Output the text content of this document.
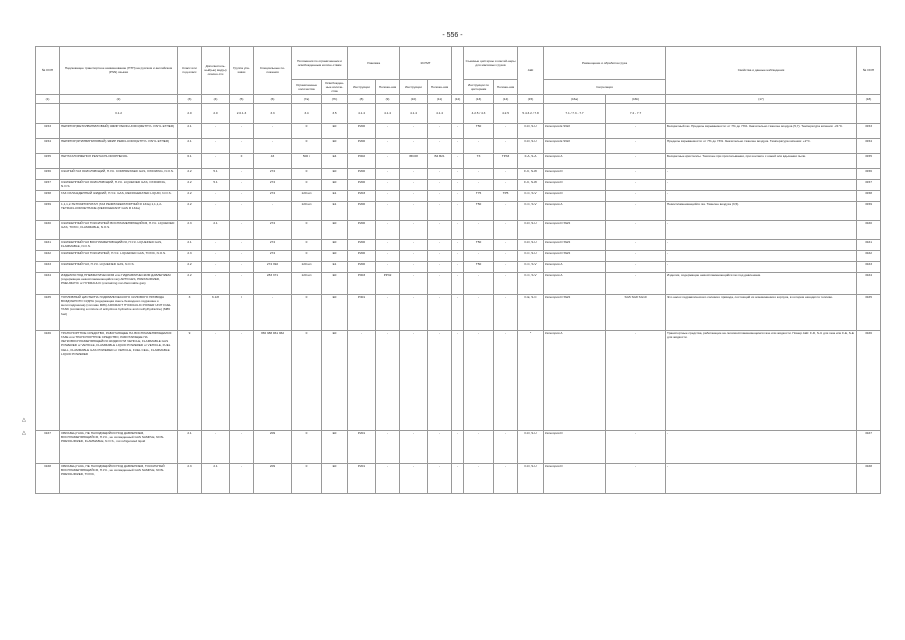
- 556 -
№ ООН	Надлежащее транспортное наименование (НТН) на русском и английском (PSN) языках	Класс или под-класс	Дополнитель-ный(ые) вид(ы) опасно-сти	Группа упа-ковки	Специальные по-ложения	Положения по ограниченным и освобожденным количе-ствам		Упаковка		КСГМГ			Съемные цистерны и контей-неры для массовых грузов		АвК	Размещение и обработка груза		Свойства и данные наблюдения	№ ООН
						Ограниченные количества	Освобожден-ные количе-ства	Инструкции	Положе-ния	Инструкции	Положе-ния		Инструкции по цистернам	Положе-ния		Сегрегация			
(1)	(2)	(3)	(4)	(5)	(6)	(7a)	(7b)	(8)	(9)	(10)	(11)	(12)	(13)	(14)	(15)	(16a)	(16b)	(17)	(18)
	3.1.2	2.0	2.0	2.0.1.3	3.3	3.4	3.5	4.1.4	4.1.4	4.1.4	4.1.4		4.2.5 / 4.3	4.2.5	5.4.3.2 / 7.8	7.1 / 7.3 - 7.7	7.2 - 7.7		
3153	ПЕРФТОР(МЕТИЛВИНИЛОВЫЙ) ЭФИР PERFLUORO(METHYL VINYL ETHER)	2.1	-	-	-	0	E0	P200	-	-	-	-	T50	-	F-D, S-U	Категория E SW2	-	Бесцветный газ. Пределы взрываемости: от 7% до 73%. Значительно тяжелее воздуха (5,7). Температура кипения: -21°C.	3153
3154	ПЕРФТОР(ЭТИЛВИНИЛОВЫЙ) ЭФИР PERFLUORO(ETHYL VINYL ETHER)	2.1	-	-	-	0	E0	P200	-	-	-	-	-	-	F-D, S-U	Категория E SW2	-	Пределы взрываемости: от 7% до 73%. Значительно тяжелее воздуха. Температура кипения: +2°C.	3154
3155	ПЕНТАХЛОРФЕНОЛ PENTACHLOROPHENOL	6.1	-	II	43	500 г	E4	P002	-	IBC08	B4 B21	-	T3	TP33	F-A, S-A	Категория A	-	Бесцветные кристаллы. Токсичен при проглатывании, при контакте с кожей или вдыхании пыли.	3155
3156	СЖАТЫЙ ГАЗ ОКИСЛЯЮЩИЙ, Н.У.К. COMPRESSED GAS, OXIDIZING, N.O.S.	2.2	5.1	-	274	0	E0	P200	-	-	-	-	-	-	F-C, S-W	Категория D	-	-	3156
3157	СЖИЖЕННЫЙ ГАЗ ОКИСЛЯЮЩИЙ, Н.У.К. LIQUEFIED GAS, OXIDIZING, N.O.S.	2.2	5.1	-	274	0	E0	P200	-	-	-	-	-	-	F-C, S-W	Категория D	-	-	3157
3158	ГАЗ ОХЛАЖДЕННЫЙ ЖИДКИЙ, Н.У.К. GAS, REFRIGERATED LIQUID, N.O.S.	2.2	-	-	274	120 мл	E1	P203	-	-	-	-	T75	TP5	F-C, S-V	Категория D	-	-	3158
3159	1,1,1,2-ТЕТРАФТОРЭТАН (ГАЗ РЕФРИЖЕРАТОРНЫЙ R 134a) 1,1,1,2-TETRAFLUOROETHANE (REFRIGERANT GAS R 134a)	2.2	-	-	-	120 мл	E1	P200	-	-	-	-	T50	-	F-C, S-V	Категория A	-	Невоспламеняющийся газ. Тяжелее воздуха (3,5).	3159
3160	СЖИЖЕННЫЙ ГАЗ ТОКСИЧНЫЙ ВОСПЛАМЕНЯЮЩИЙСЯ, Н.У.К. LIQUEFIED GAS, TOXIC, FLAMMABLE, N.O.S.	2.3	2.1	-	274	0	E0	P200	-	-	-	-	-	-	F-D, S-U	Категория D SW2	-	-	3160
3161	СЖИЖЕННЫЙ ГАЗ ВОСПЛАМЕНЯЮЩИЙСЯ, Н.У.К. LIQUEFIED GAS, FLAMMABLE, N.O.S.	2.1	-	-	274	0	E0	P200	-	-	-	-	T50	-	F-D, S-U	Категория D SW2	-	-	3161
3162	СЖИЖЕННЫЙ ГАЗ ТОКСИЧНЫЙ, Н.У.К. LIQUEFIED GAS, TOXIC, N.O.S.	2.3	-	-	274	0	E0	P200	-	-	-	-	-	-	F-C, S-U	Категория D SW2	-	-	3162
3163	СЖИЖЕННЫЙ ГАЗ, Н.У.К. LIQUEFIED GAS, N.O.S.	2.2	-	-	274 392	120 мл	E1	P200	-	-	-	-	T50	-	F-C, S-V	Категория A	-	-	3163
3164	ИЗДЕЛИЯ ПОД ПНЕВМАТИЧЕСКИМ или ГИДРАВЛИЧЕСКИМ ДАВЛЕНИЕМ (содержащие невоспламеняющийся газ) ARTICLES, PRESSURIZED, PNEUMATIC or HYDRAULIC (containing non-flammable gas)	2.2	-	-	283 371	120 мл	E0	P003	PP32	-	-	-	-	-	F-C, S-V	Категория A	-	Изделия, содержащие невоспламеняющийся газ под давлением.	3164
3165	ТОПЛИВНЫЙ ЦИСТЕРНА ГИДРАВЛИЧЕСКОГО СИЛОВОГО ПРИВОДА ВОЗДУШНОГО СУДНА (содержащая смесь безводного гидразина и метилгидразина) (топливо M86) AIRCRAFT HYDRAULIC POWER UNIT FUEL TANK (containing a mixture of anhydrous hydrazine and methylhydrazine) (M86 fuel)	3	6.1/8	I	-	0	E0	P301	-	-	-	-	-	-	F-E, S-C	Категория D SW2	SG5 SG8 SG10	Это насос гидравлического силового привода, состоящий из алюминиевого корпуса, в котором находится топливо.	3165
3166	ТРАНСПОРТНОЕ СРЕДСТВО, РАБОТАЮЩЕЕ НА ВОСПЛАМЕНЯЮЩЕМСЯ ГАЗЕ или ТРАНСПОРТНОЕ СРЕДСТВО, РАБОТАЮЩЕЕ НА ЛЕГКОВОСПЛАМЕНЯЮЩЕЙСЯ ЖИДКОСТИ VEHICLE, FLAMMABLE GAS POWERED or VEHICLE, FLAMMABLE LIQUID POWERED or VEHICLE, FUEL CELL, FLAMMABLE GAS POWERED or VEHICLE, FUEL CELL, FLAMMABLE LIQUID POWERED	9	-	-	356 388 961 962	0	E0	-	-	-	-	-	-	-	*	Категория A	-	Транспортные средства, работающие на легковоспламеняющемся газе или жидкости. Номер АвК: F-D, S-U для газа или F-E, S-E для жидкости.	3166
3167	ОБРАЗЕЦ ГАЗА, НЕ НАХОДЯЩИЙСЯ ПОД ДАВЛЕНИЕМ, ВОСПЛАМЕНЯЮЩИЙСЯ, Н.У.К., не охлажденный GAS SAMPLE, NON-PRESSURIZED, FLAMMABLE, N.O.S., not refrigerated liquid	2.1	-	-	209	0	E0	P201	-	-	-	-	-	-	F-D, S-U	Категория D	-	-	3167
3168	ОБРАЗЕЦ ГАЗА, НЕ НАХОДЯЩИЙСЯ ПОД ДАВЛЕНИЕМ, ТОКСИЧНЫЙ ВОСПЛАМЕНЯЮЩИЙСЯ, Н.У.К., не охлажденный GAS SAMPLE, NON-PRESSURIZED, TOXIC,	2.3	2.1	-	209	0	E0	P201	-	-	-	-	-	-	F-D, S-U	Категория D	-	-	3168
△
△
